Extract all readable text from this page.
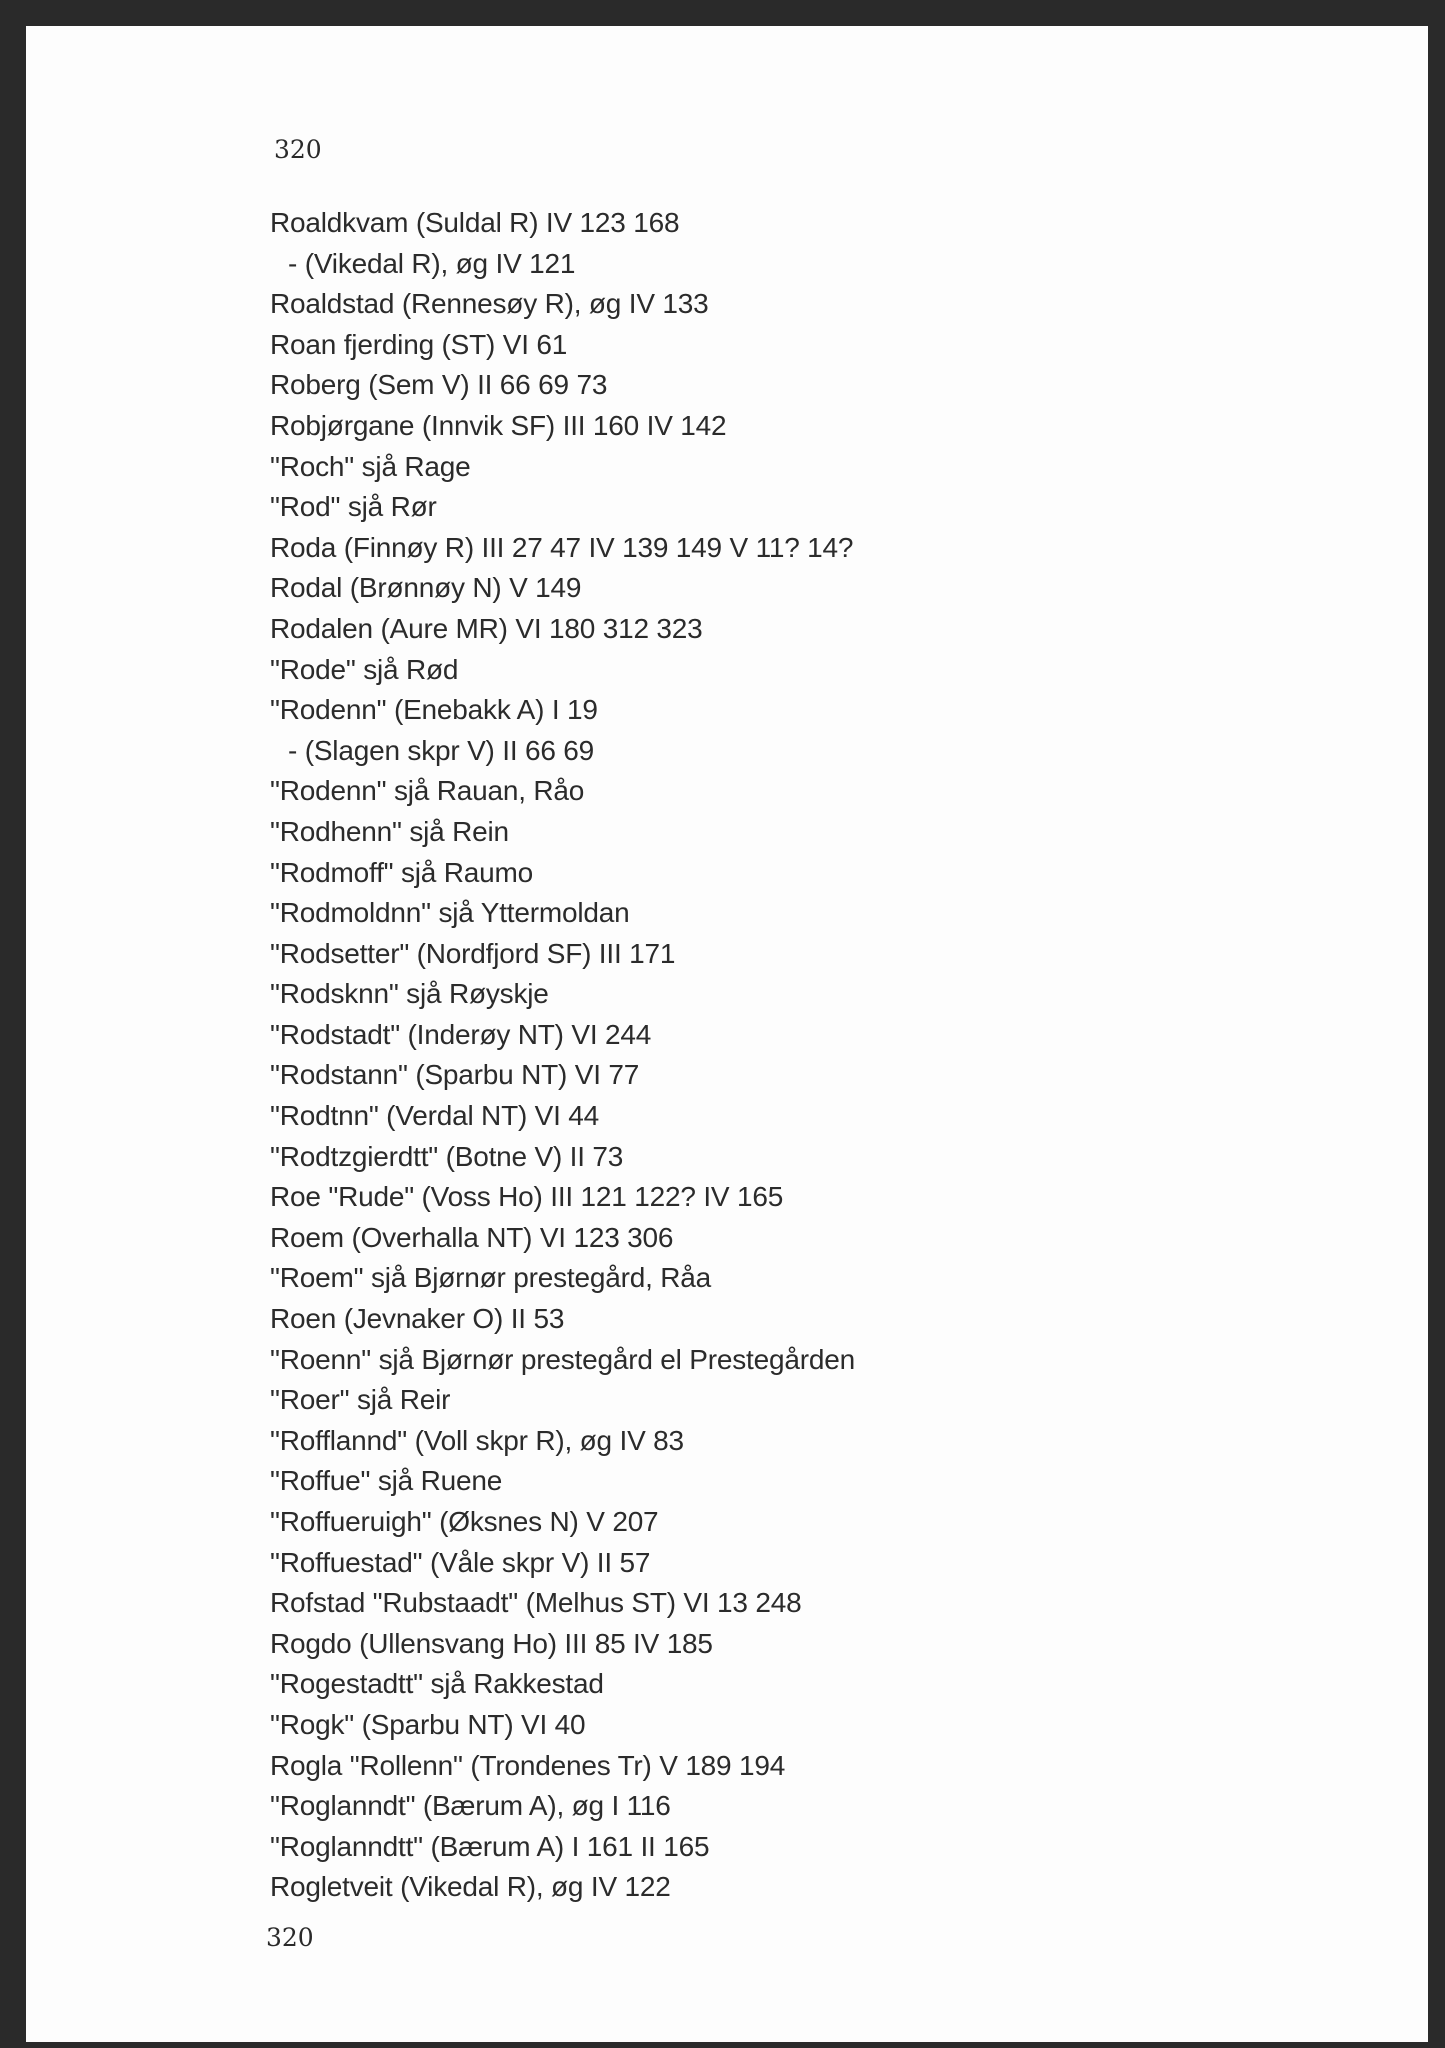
320

Roaldkvam (Suldal R) IV 123 168
- (Vikedal R), øg IV 121
Roaldstad (Rennesøy R), øg IV 133
Roan fjerding (ST) VI 61
Roberg (Sem V) II 66 69 73
Robjørgane (Innvik SF) III 160 IV 142
"Roch" sjå Rage
"Rod" sjå Rør
Roda (Finnøy R) III 27 47 IV 139 149 V 11? 14?
Rodal (Brønnøy N) V 149
Rodalen (Aure MR) VI 180 312 323
"Rode" sjå Rød
"Rodenn" (Enebakk A) I 19
- (Slagen skpr V) II 66 69
"Rodenn" sjå Rauan, Råo
"Rodhenn" sjå Rein
"Rodmoff" sjå Raumo
"Rodmoldnn" sjå Yttermoldan
"Rodsetter" (Nordfjord SF) III 171
"Rodsknn" sjå Røyskje
"Rodstadt" (Inderøy NT) VI 244
"Rodstann" (Sparbu NT) VI 77
"Rodtnn" (Verdal NT) VI 44
"Rodtzgierdtt" (Botne V) II 73
Roe "Rude" (Voss Ho) III 121 122? IV 165
Roem (Overhalla NT) VI 123 306
"Roem" sjå Bjørnør prestegård, Råa
Roen (Jevnaker O) II 53
"Roenn" sjå Bjørnør prestegård el Prestegården
"Roer" sjå Reir
"Rofflannd" (Voll skpr R), øg IV 83
"Roffue" sjå Ruene
"Roffueruigh" (Øksnes N) V 207
"Roffuestad" (Våle skpr V) II 57
Rofstad "Rubstaadt" (Melhus ST) VI 13 248
Rogdo (Ullensvang Ho) III 85 IV 185
"Rogestadtt" sjå Rakkestad
"Rogk" (Sparbu NT) VI 40
Rogla "Rollenn" (Trondenes Tr) V 189 194
"Roglanndt" (Bærum A), øg I 116
"Roglanndtt" (Bærum A) I 161 II 165
Rogletveit (Vikedal R), øg IV 122

320
